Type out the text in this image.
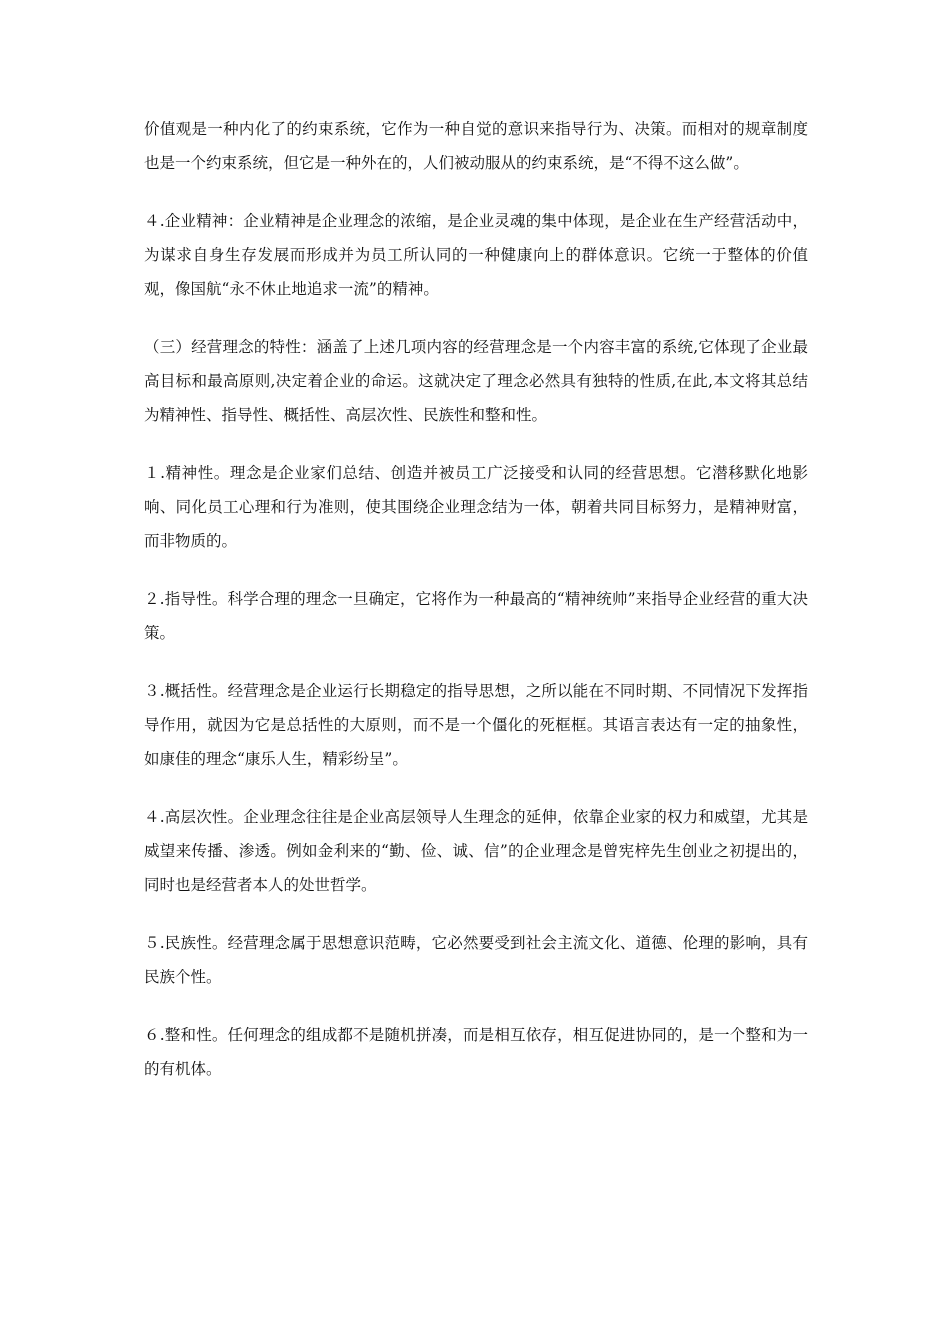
价值观是一种内化了的约束系统，它作为一种自觉的意识来指导行为、决策。而相对的规章制度也是一个约束系统，但它是一种外在的，人们被动服从的约束系统，是“不得不这么做”。

４.企业精神：企业精神是企业理念的浓缩，是企业灵魂的集中体现，是企业在生产经营活动中，为谋求自身生存发展而形成并为员工所认同的一种健康向上的群体意识。它统一于整体的价值观，像国航“永不休止地追求一流”的精神。

（三）经营理念的特性：涵盖了上述几项内容的经营理念是一个内容丰富的系统,它体现了企业最高目标和最高原则,决定着企业的命运。这就决定了理念必然具有独特的性质,在此,本文将其总结为精神性、指导性、概括性、高层次性、民族性和整和性。

１.精神性。理念是企业家们总结、创造并被员工广泛接受和认同的经营思想。它潜移默化地影响、同化员工心理和行为准则，使其围绕企业理念结为一体，朝着共同目标努力，是精神财富，而非物质的。

２.指导性。科学合理的理念一旦确定，它将作为一种最高的“精神统帅”来指导企业经营的重大决策。

３.概括性。经营理念是企业运行长期稳定的指导思想，之所以能在不同时期、不同情况下发挥指导作用，就因为它是总括性的大原则，而不是一个僵化的死框框。其语言表达有一定的抽象性，如康佳的理念“康乐人生，精彩纷呈”。

４.高层次性。企业理念往往是企业高层领导人生理念的延伸，依靠企业家的权力和威望，尤其是威望来传播、渗透。例如金利来的“勤、俭、诚、信”的企业理念是曾宪梓先生创业之初提出的，同时也是经营者本人的处世哲学。

５.民族性。经营理念属于思想意识范畴，它必然要受到社会主流文化、道德、伦理的影响，具有民族个性。

６.整和性。任何理念的组成都不是随机拼凑，而是相互依存，相互促进协同的，是一个整和为一的有机体。
